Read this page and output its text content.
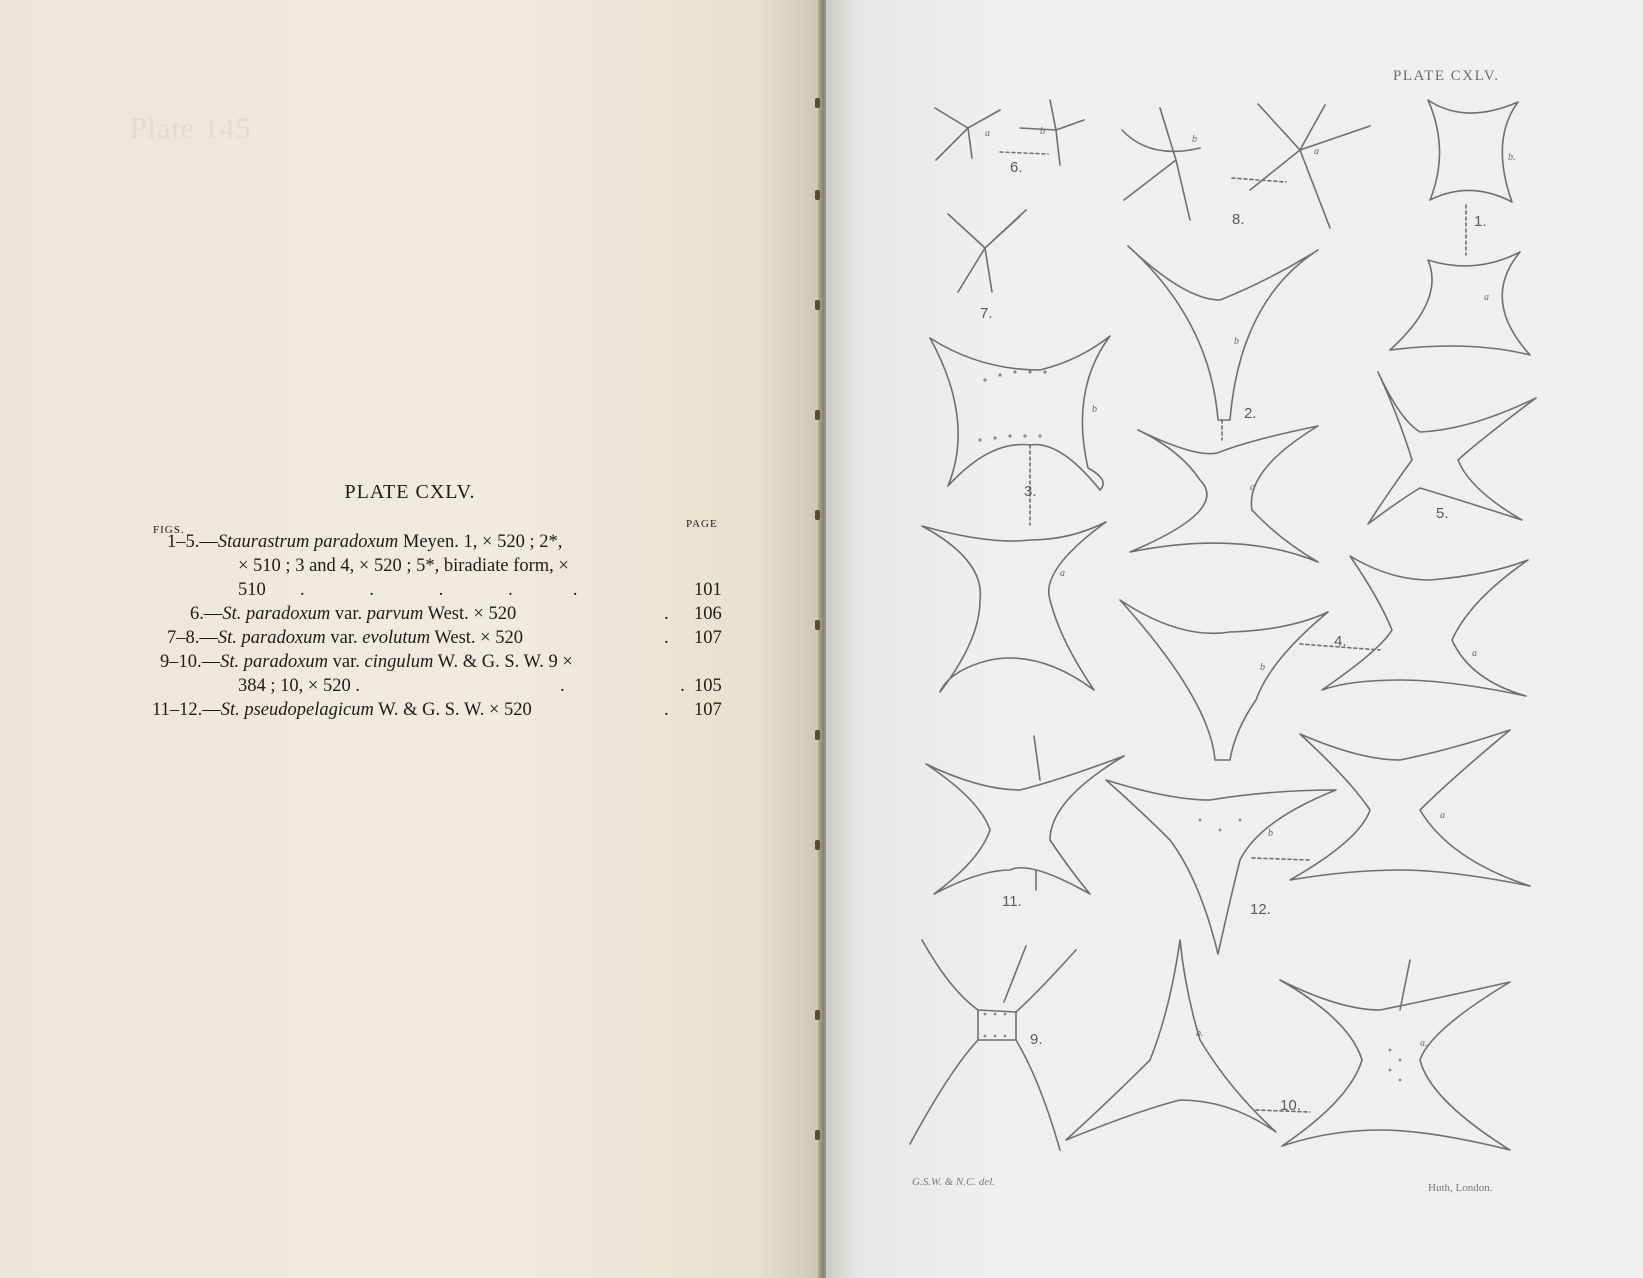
Plate 145
PLATE CXLV.
FIGS.	PAGE
1–5.—Staurastrum paradoxum Meyen. 1, × 520 ; 2*,
× 510 ; 3 and 4, × 520 ; 5*, biradiate form, ×
510 .              .              .              .             .	101
6.—St. paradoxum var. parvum West. × 520	. 106
7–8.—St. paradoxum var. evolutum West. × 520	. 107
9–10.—St. paradoxum var. cingulum W. & G. S. W. 9 ×
384 ; 10, × 520 .	.                         . 105
11–12.—St. pseudopelagicum W. & G. S. W. × 520	. 107
PLATE CXLV.
a	b
b
a
b.
a
b
b
a
a
b
a
b
a
b.
a.
6.
8.	1.
7.
2.
3.
5.
4.
11.	12.
9.
10.
G.S.W. & N.C. del.	Huth, London.
